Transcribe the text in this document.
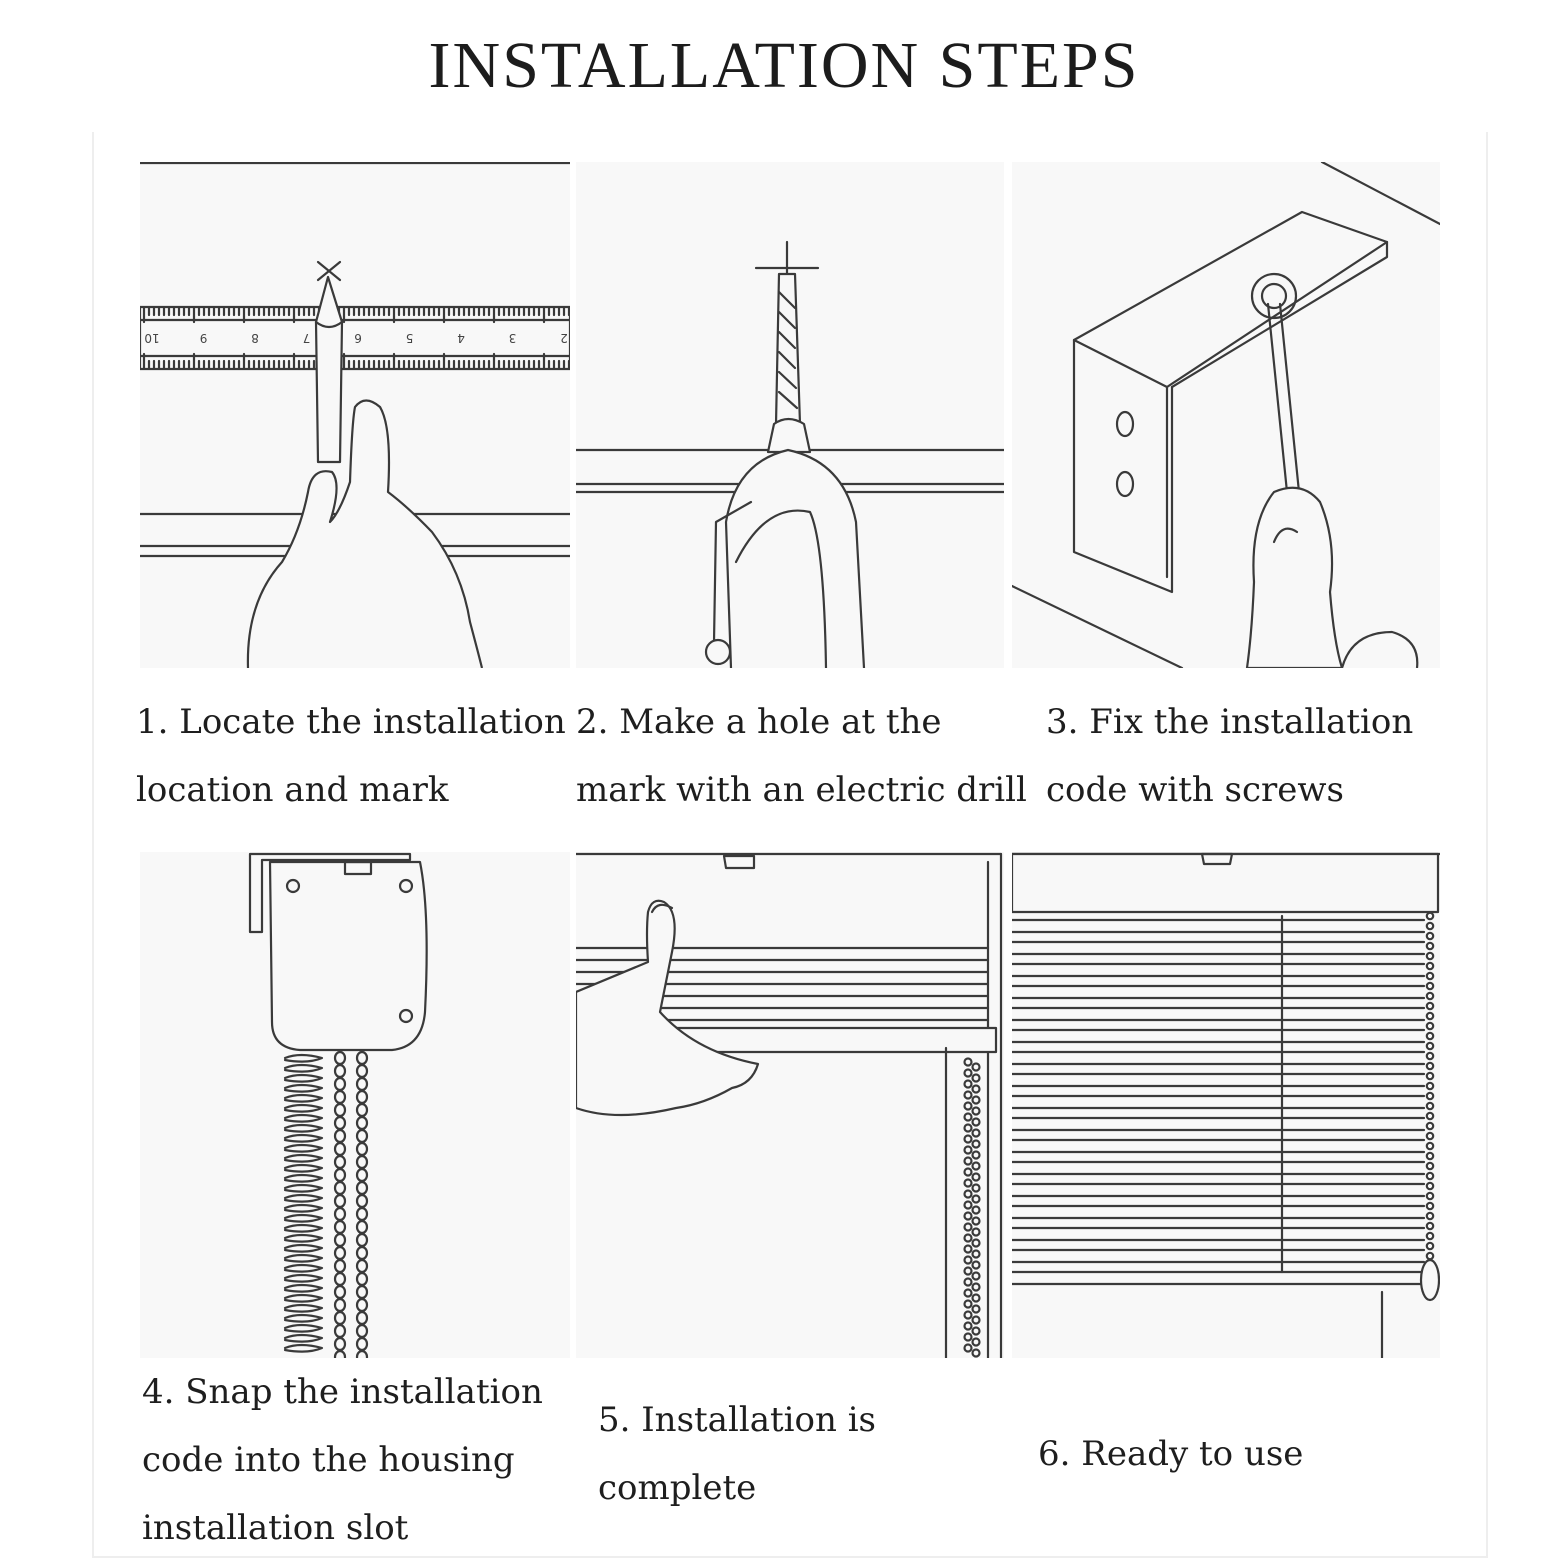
INSTALLATION STEPS
10	9	8	7	6	5	4	3	2
1. Locate the installation
location and mark
2. Make a hole at the
mark with an electric drill
3. Fix the installation
code with screws
4. Snap the installation
code into the housing
installation slot
5. Installation is
complete
6. Ready to use
